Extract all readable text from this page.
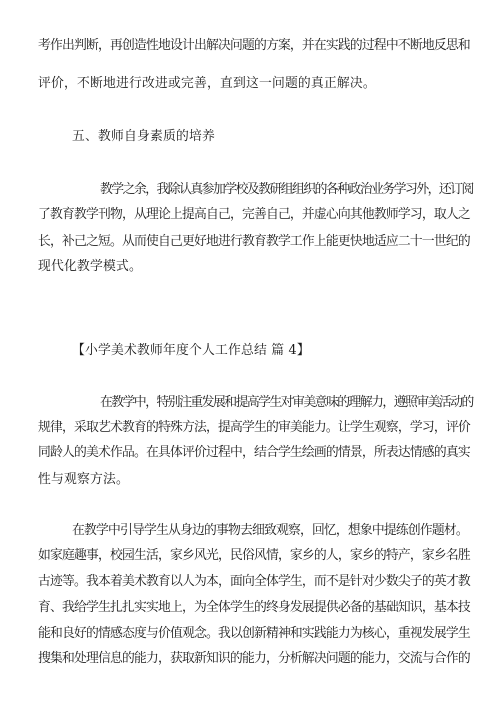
考作出判断，再创造性地设计出解决问题的方案，并在实践的过程中不断地反思和
评价，不断地进行改进或完善，直到这一问题的真正解决。
五、教师自身素质的培养
教学之余，我除认真参加学校及教研组组织的各种政治业务学习外，还订阅
了教育教学刊物，从理论上提高自己，完善自己，并虚心向其他教师学习，取人之
长，补己之短。从而使自己更好地进行教育教学工作上能更快地适应二十一世纪的
现代化教学模式。
【小学美术教师年度个人工作总结 篇 4】
在教学中，特别注重发展和提高学生对审美意味的理解力，遵照审美活动的
规律，采取艺术教育的特殊方法，提高学生的审美能力。让学生观察，学习，评价
同龄人的美术作品。在具体评价过程中，结合学生绘画的情景，所表达情感的真实
性与观察方法。
在教学中引导学生从身边的事物去细致观察，回忆，想象中提练创作题材。
如家庭趣事，校园生活，家乡风光，民俗风情，家乡的人，家乡的特产，家乡名胜
古迹等。我本着美术教育以人为本，面向全体学生，而不是针对少数尖子的英才教
育、我给学生扎扎实实地上，为全体学生的终身发展提供必备的基础知识，基本技
能和良好的情感态度与价值观念。我以创新精神和实践能力为核心，重视发展学生
搜集和处理信息的能力，获取新知识的能力，分析解决问题的能力，交流与合作的
